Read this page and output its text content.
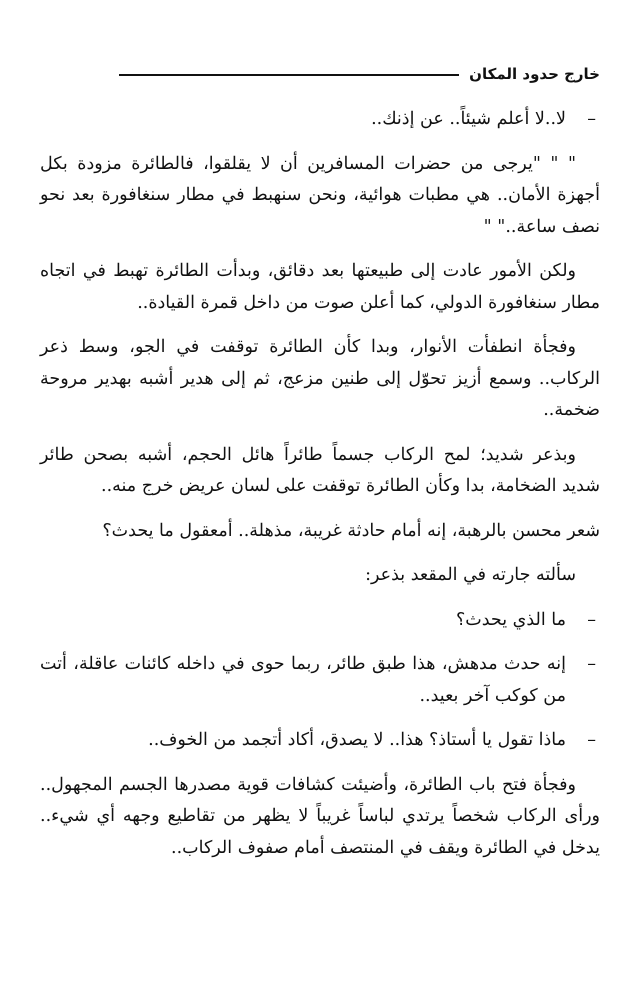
خارج حدود المكان

–
لا..لا أعلم شيئاً.. عن إذنك..

" " "يرجى من حضرات المسافرين أن لا يقلقوا، فالطائرة مزودة بكل أجهزة الأمان.. هي مطبات هوائية، ونحن سنهبط في مطار سنغافورة بعد نحو نصف ساعة.." "

ولكن الأمور عادت إلى طبيعتها بعد دقائق، وبدأت الطائرة تهبط في اتجاه مطار سنغافورة الدولي، كما أعلن صوت من داخل قمرة القيادة..

وفجأة انطفأت الأنوار، وبدا كأن الطائرة توقفت في الجو، وسط ذعر الركاب.. وسمع أزيز تحوّل إلى طنين مزعج، ثم إلى هدير أشبه بهدير مروحة ضخمة..

وبذعر شديد؛ لمح الركاب جسماً طائراً هائل الحجم، أشبه بصحن طائر شديد الضخامة، بدا وكأن الطائرة توقفت على لسان عريض خرج منه..

شعر محسن بالرهبة، إنه أمام حادثة غريبة، مذهلة.. أمعقول ما يحدث؟

سألته جارته في المقعد بذعر:

–
ما الذي يحدث؟

–
إنه حدث مدهش، هذا طبق طائر، ربما حوى في داخله كائنات عاقلة، أتت من كوكب آخر بعيد..

–
ماذا تقول يا أستاذ؟ هذا.. لا يصدق، أكاد أتجمد من الخوف..

وفجأة فتح باب الطائرة، وأضيئت كشافات قوية مصدرها الجسم المجهول.. ورأى الركاب شخصاً يرتدي لباساً غريباً لا يظهر من تقاطيع وجهه أي شيء.. يدخل في الطائرة ويقف في المنتصف أمام صفوف الركاب..
